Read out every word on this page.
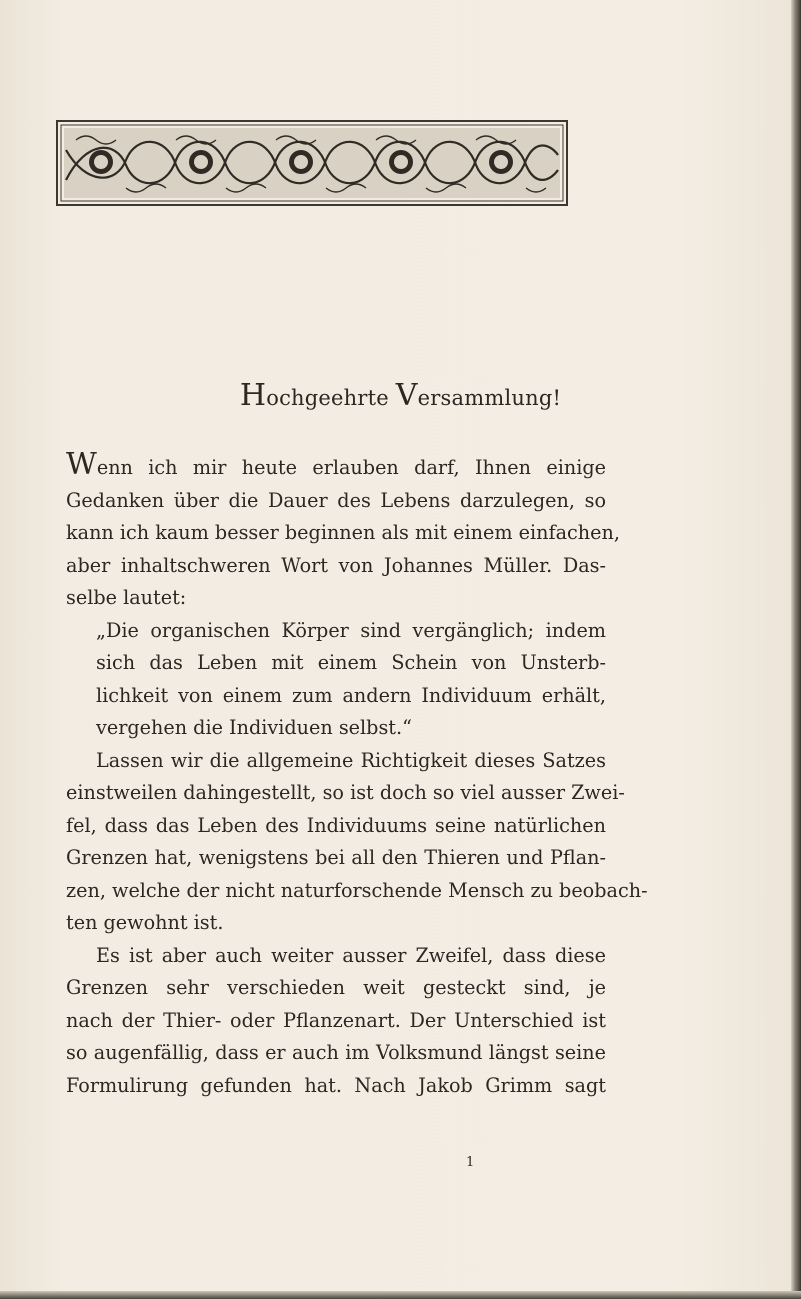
Hochgeehrte Versammlung!
Wenn ich mir heute erlauben darf, Ihnen einige
Gedanken über die Dauer des Lebens darzulegen, so
kann ich kaum besser beginnen als mit einem einfachen,
aber inhaltschweren Wort von Johannes Müller. Das-
selbe lautet:
„Die organischen Körper sind vergänglich; indem
sich das Leben mit einem Schein von Unsterb-
lichkeit von einem zum andern Individuum erhält,
vergehen die Individuen selbst.“
Lassen wir die allgemeine Richtigkeit dieses Satzes
einstweilen dahingestellt, so ist doch so viel ausser Zwei-
fel, dass das Leben des Individuums seine natürlichen
Grenzen hat, wenigstens bei all den Thieren und Pflan-
zen, welche der nicht naturforschende Mensch zu beobach-
ten gewohnt ist.
Es ist aber auch weiter ausser Zweifel, dass diese
Grenzen sehr verschieden weit gesteckt sind, je
nach der Thier- oder Pflanzenart. Der Unterschied ist
so augenfällig, dass er auch im Volksmund längst seine
Formulirung gefunden hat. Nach Jakob Grimm sagt
1
